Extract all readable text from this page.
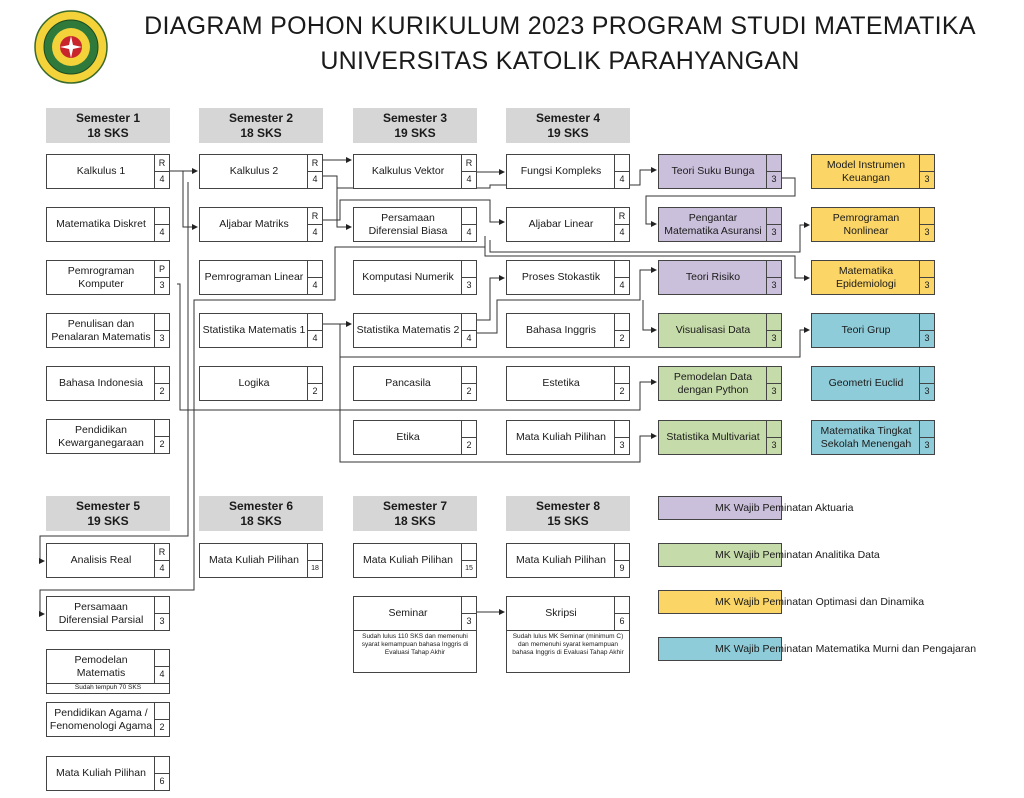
DIAGRAM POHON KURIKULUM 2023 PROGRAM STUDI MATEMATIKA
UNIVERSITAS KATOLIK PARAHYANGAN
Semester 1
18 SKS
Semester 2
18 SKS
Semester 3
19 SKS
Semester 4
19 SKS
Semester 5
19 SKS
Semester 6
18 SKS
Semester 7
18 SKS
Semester 8
15 SKS
Kalkulus 1
R
4
Matematika Diskret
4
Pemrograman Komputer
P
3
Penulisan dan Penalaran Matematis 3
Bahasa Indonesia
2
Pendidikan Kewarganegaraan	2
Kalkulus 2
R
4
Aljabar Matriks
R
4
Pemrograman Linear
4
Statistika Matematis 1
4
Logika
2
Kalkulus Vektor
R
4
Persamaan Diferensial Biasa	4
Komputasi Numerik
3
Statistika Matematis 2
4
Pancasila
2
Etika
2
Fungsi Kompleks
4
Aljabar Linear
R
4
Proses Stokastik
4
Bahasa Inggris
2
Estetika
2
Mata Kuliah Pilihan
3
Teori Suku Bunga
3
Pengantar Matematika Asuransi	3
Teori Risiko
3
Visualisasi Data
3
Pemodelan Data dengan Python	3
Statistika Multivariat
3
Model Instrumen Keuangan	3
Pemrograman Nonlinear	3
Matematika Epidemiologi	3
Teori Grup
3
Geometri Euclid
3
Matematika Tingkat Sekolah Menengah	3
Analisis Real
R
4
Persamaan Diferensial Parsial	3
Pemodelan Matematis	4
Sudah tempuh 70 SKS
Pendidikan Agama / Fenomenologi Agama 2
Mata Kuliah Pilihan
6
Mata Kuliah Pilihan
18
Mata Kuliah Pilihan
15
Seminar
3
Sudah lulus 110 SKS dan memenuhi syarat kemampuan bahasa Inggris di Evaluasi Tahap Akhir
Mata Kuliah Pilihan
9
Skripsi
6
Sudah lulus MK Seminar (minimum C) dan memenuhi syarat kemampuan bahasa Inggris di Evaluasi Tahap Akhir
MK Wajib Peminatan Aktuaria
MK Wajib Peminatan Analitika Data
MK Wajib Peminatan Optimasi dan Dinamika
MK Wajib Peminatan Matematika Murni dan Pengajaran
